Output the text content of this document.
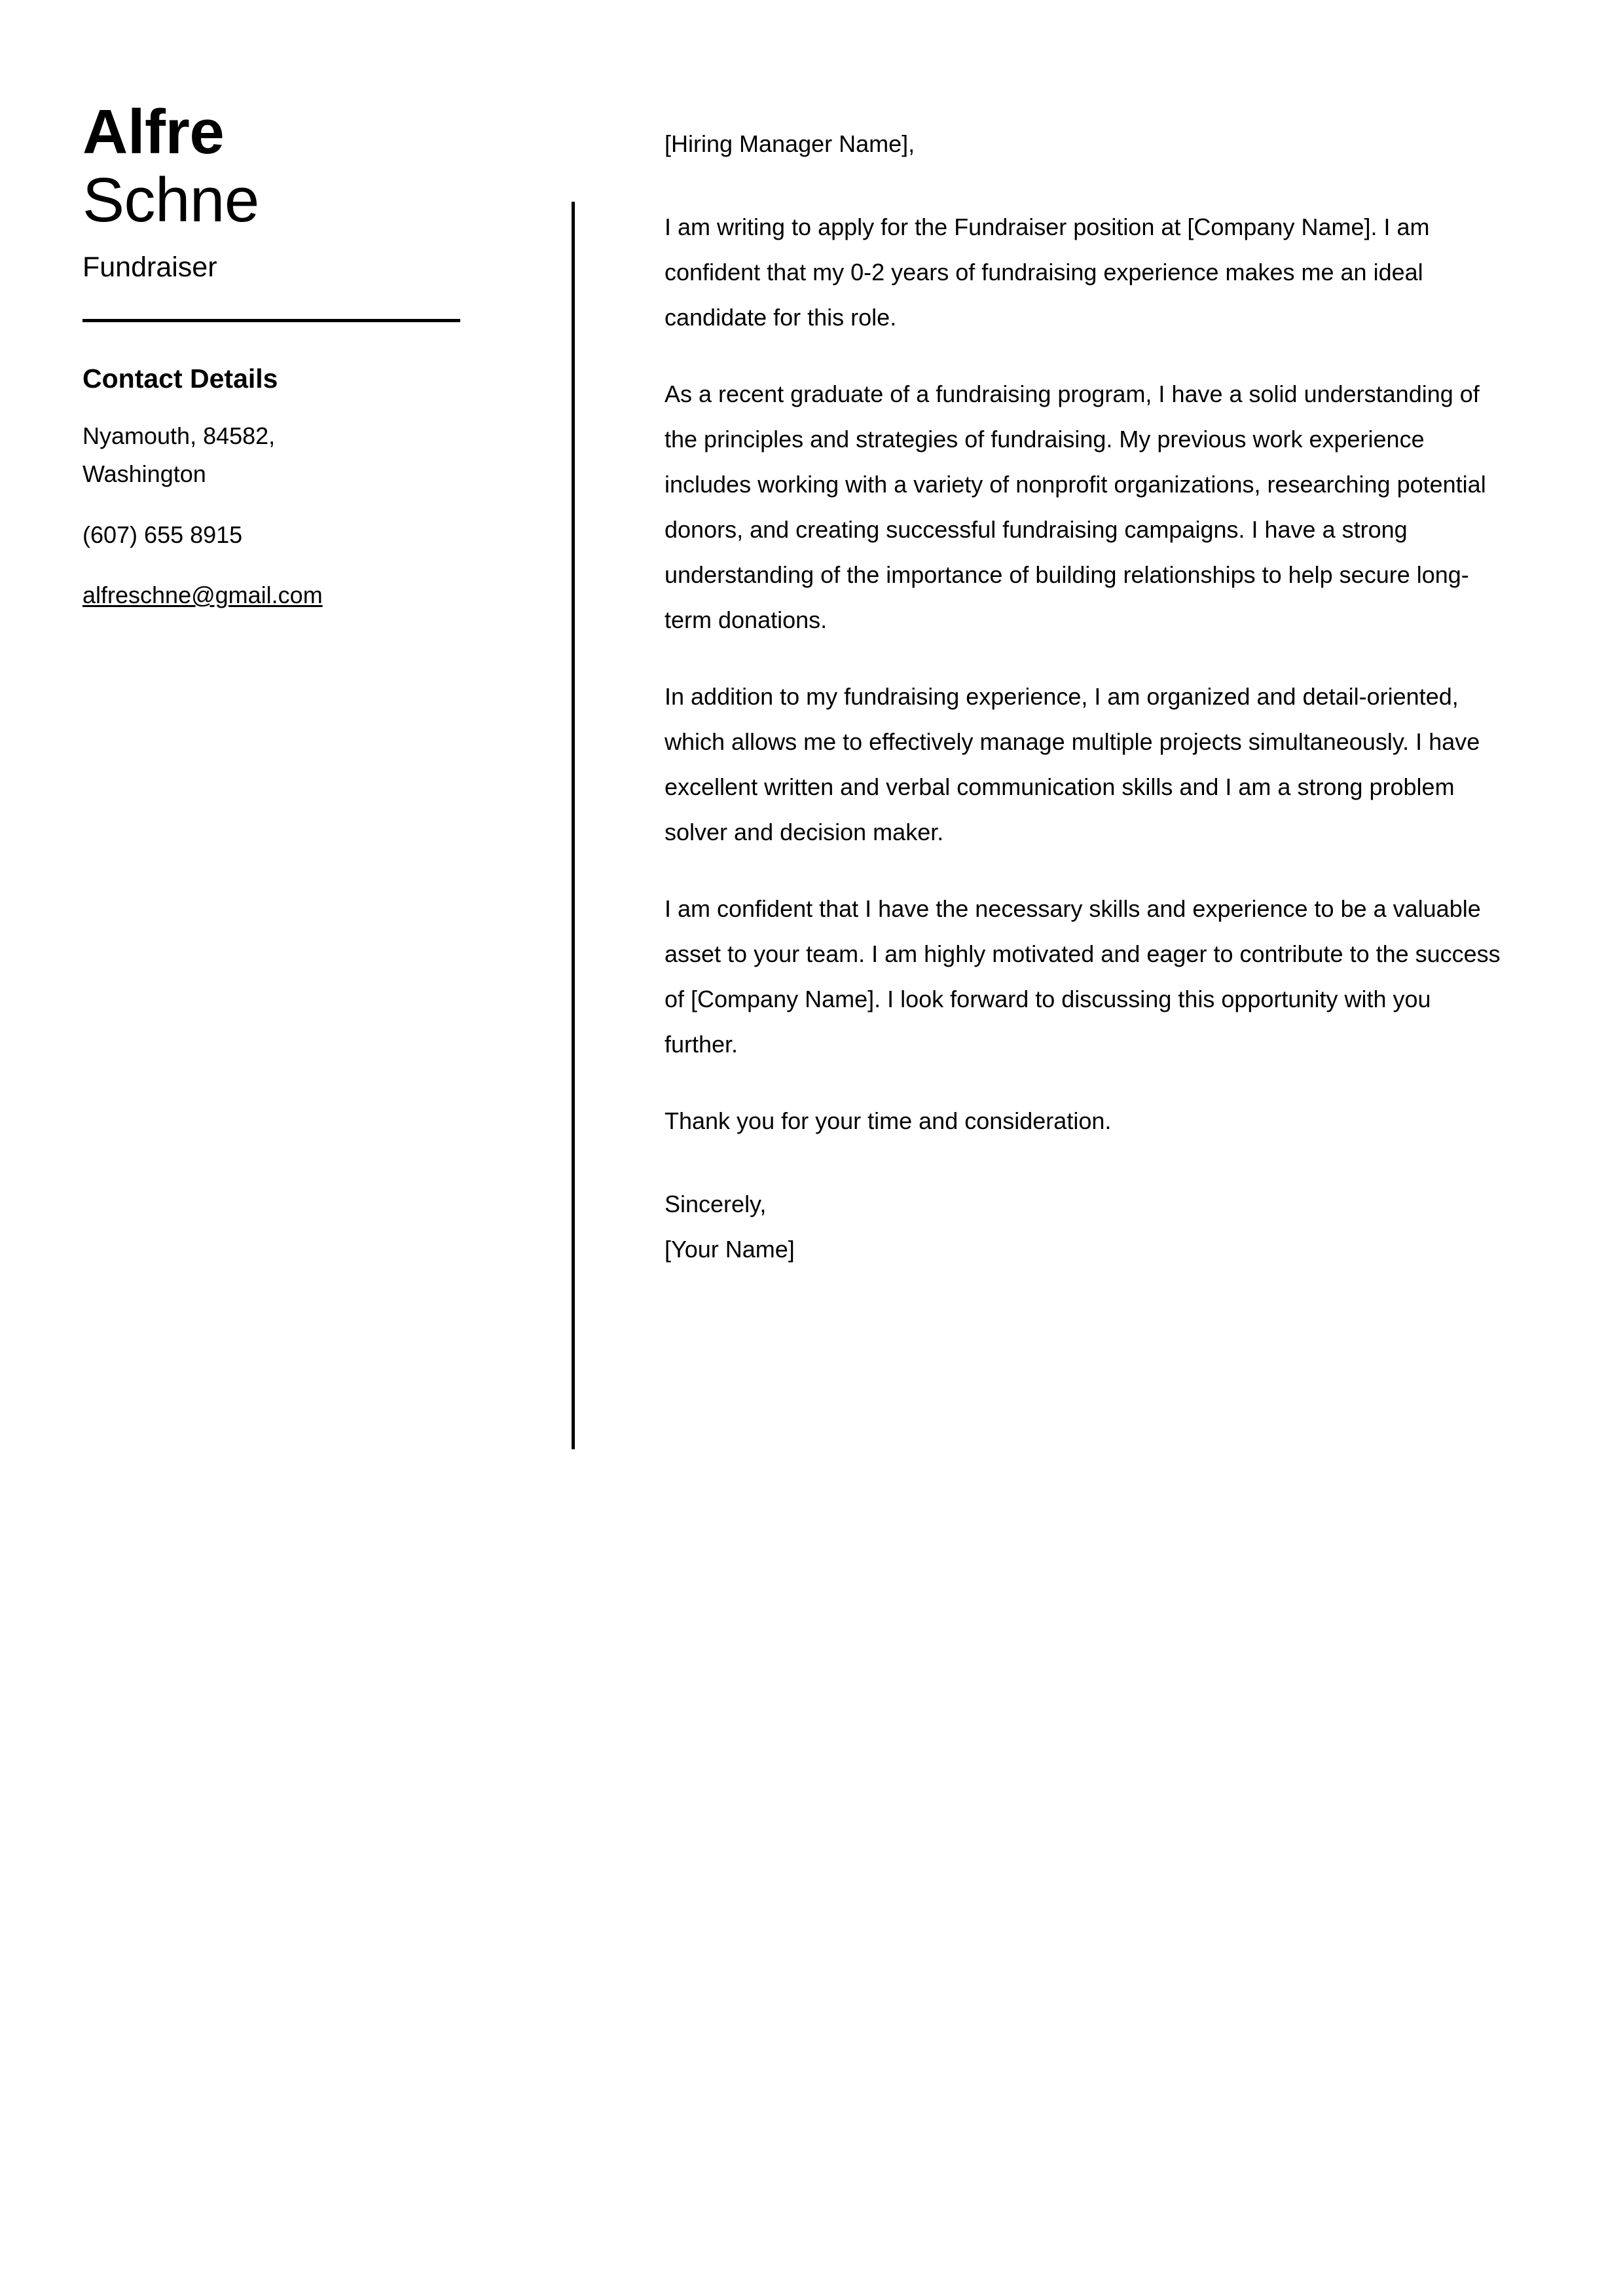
Alfre
Schne
Fundraiser
Contact Details
Nyamouth, 84582, Washington
(607) 655 8915
alfreschne@gmail.com

[Hiring Manager Name],

I am writing to apply for the Fundraiser position at [Company Name]. I am confident that my 0-2 years of fundraising experience makes me an ideal candidate for this role.

As a recent graduate of a fundraising program, I have a solid understanding of the principles and strategies of fundraising. My previous work experience includes working with a variety of nonprofit organizations, researching potential donors, and creating successful fundraising campaigns. I have a strong understanding of the importance of building relationships to help secure long-term donations.

In addition to my fundraising experience, I am organized and detail-oriented, which allows me to effectively manage multiple projects simultaneously. I have excellent written and verbal communication skills and I am a strong problem solver and decision maker.

I am confident that I have the necessary skills and experience to be a valuable asset to your team. I am highly motivated and eager to contribute to the success of [Company Name]. I look forward to discussing this opportunity with you further.

Thank you for your time and consideration.

Sincerely,
[Your Name]
